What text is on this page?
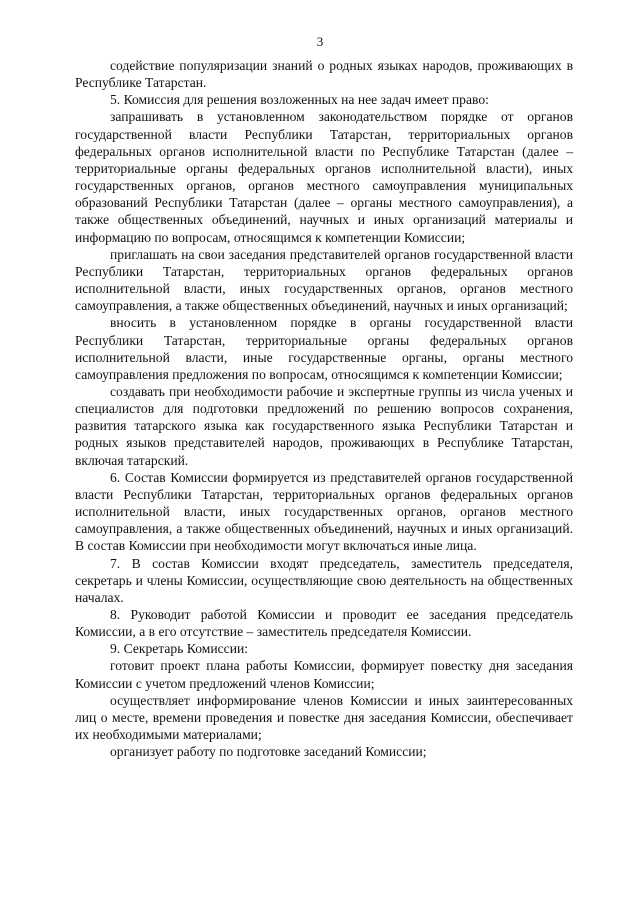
3

содействие популяризации знаний о родных языках народов, проживающих в Республике Татарстан.

5. Комиссия для решения возложенных на нее задач имеет право:

запрашивать в установленном законодательством порядке от органов государственной власти Республики Татарстан, территориальных органов федеральных органов исполнительной власти по Республике Татарстан (далее – территориальные органы федеральных органов исполнительной власти), иных государственных органов, органов местного самоуправления муниципальных образований Республики Татарстан (далее – органы местного самоуправления), а также общественных объединений, научных и иных организаций материалы и информацию по вопросам, относящимся к компетенции Комиссии;

приглашать на свои заседания представителей органов государственной власти Республики Татарстан, территориальных органов федеральных органов исполнительной власти, иных государственных органов, органов местного самоуправления, а также общественных объединений, научных и иных организаций;

вносить в установленном порядке в органы государственной власти Республики Татарстан, территориальные органы федеральных органов исполнительной власти, иные государственные органы, органы местного самоуправления предложения по вопросам, относящимся к компетенции Комиссии;

создавать при необходимости рабочие и экспертные группы из числа ученых и специалистов для подготовки предложений по решению вопросов сохранения, развития татарского языка как государственного языка Республики Татарстан и родных языков представителей народов, проживающих в Республике Татарстан, включая татарский.

6. Состав Комиссии формируется из представителей органов государственной власти Республики Татарстан, территориальных органов федеральных органов исполнительной власти, иных государственных органов, органов местного самоуправления, а также общественных объединений, научных и иных организаций. В состав Комиссии при необходимости могут включаться иные лица.

7. В состав Комиссии входят председатель, заместитель председателя, секретарь и члены Комиссии, осуществляющие свою деятельность на общественных началах.

8. Руководит работой Комиссии и проводит ее заседания председатель Комиссии, а в его отсутствие – заместитель председателя Комиссии.

9. Секретарь Комиссии:

готовит проект плана работы Комиссии, формирует повестку дня заседания Комиссии с учетом предложений членов Комиссии;

осуществляет информирование членов Комиссии и иных заинтересованных лиц о месте, времени проведения и повестке дня заседания Комиссии, обеспечивает их необходимыми материалами;

организует работу по подготовке заседаний Комиссии;
